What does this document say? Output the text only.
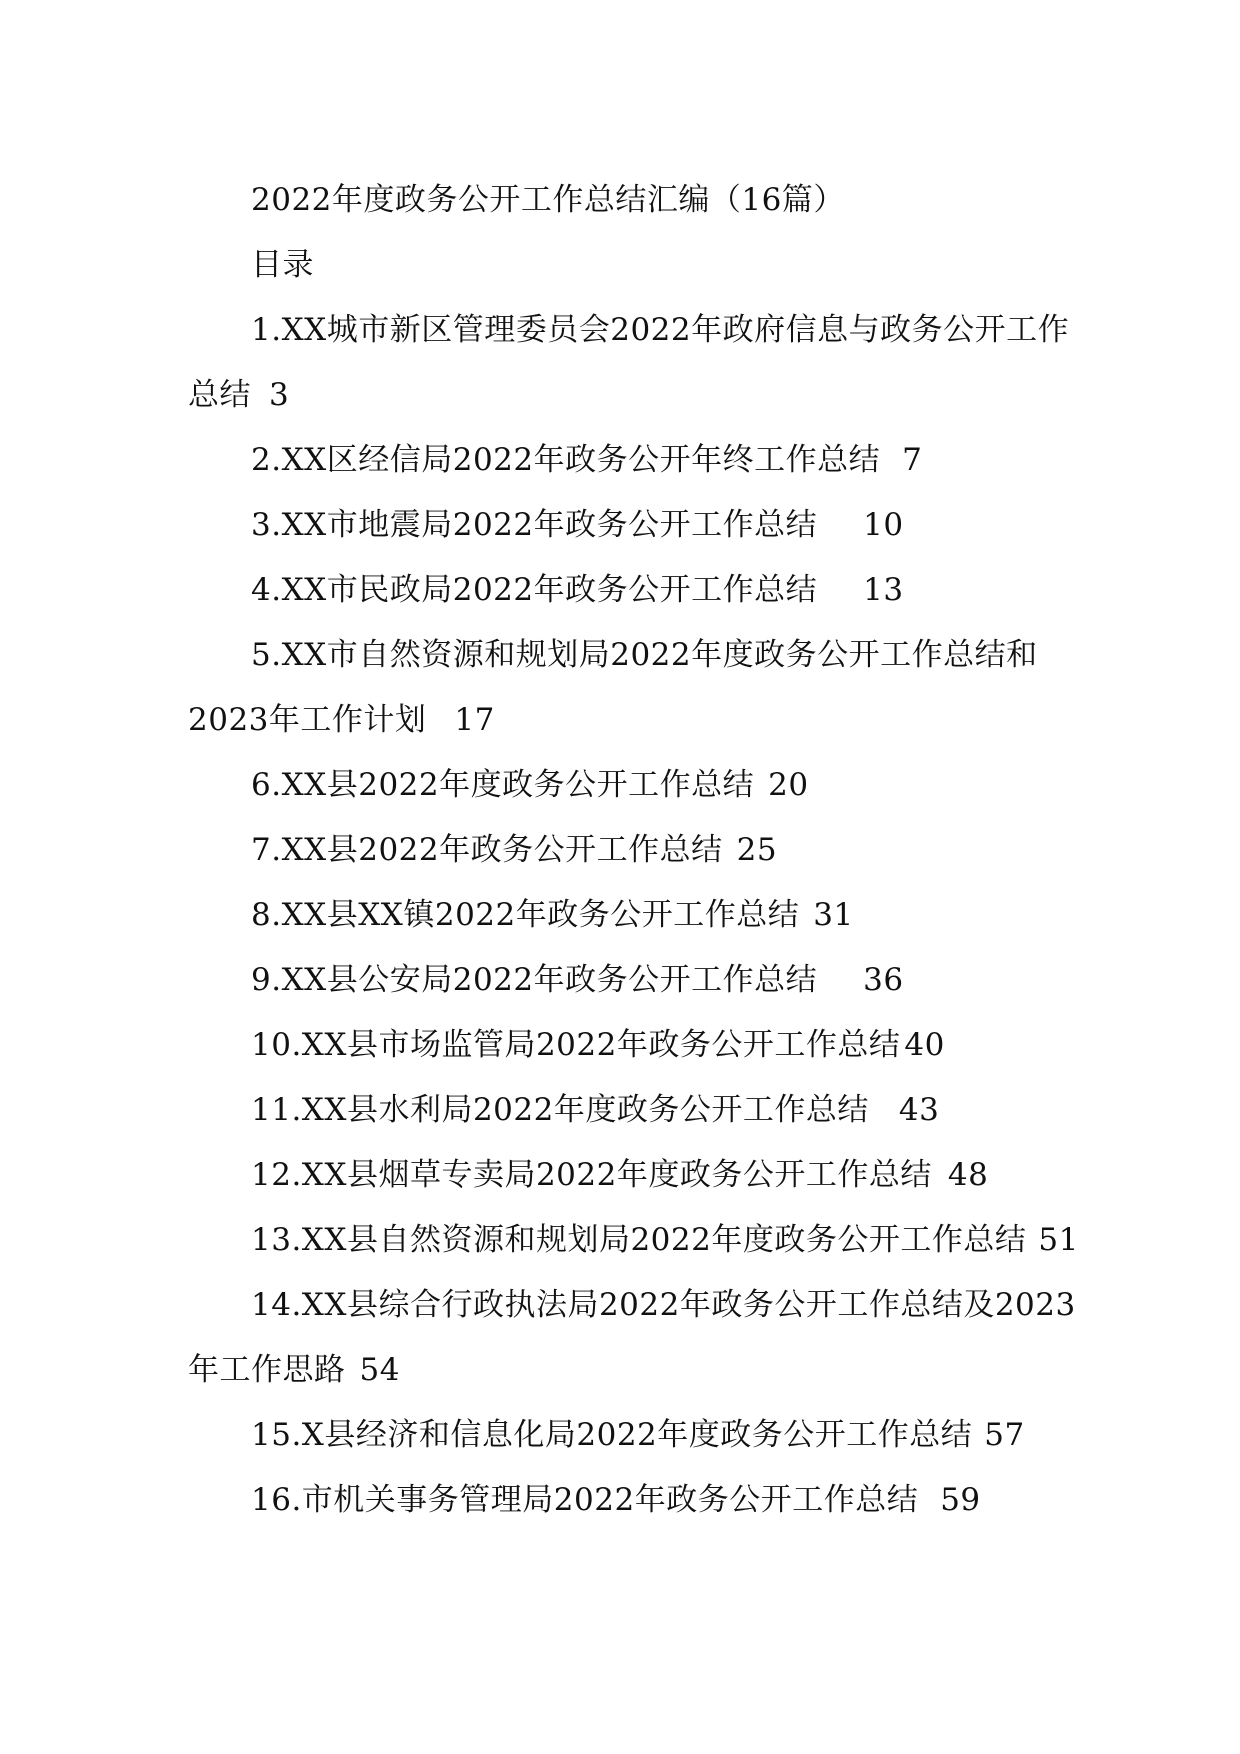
2022年度政务公开工作总结汇编（16篇）
目录
1.XX城市新区管理委员会2022年政府信息与政务公开工作
总结 3
2.XX区经信局2022年政务公开年终工作总结 7
3.XX市地震局2022年政务公开工作总结 10
4.XX市民政局2022年政务公开工作总结 13
5.XX市自然资源和规划局2022年度政务公开工作总结和
2023年工作计划 17
6.XX县2022年度政务公开工作总结 20
7.XX县2022年政务公开工作总结 25
8.XX县XX镇2022年政务公开工作总结 31
9.XX县公安局2022年政务公开工作总结 36
10.XX县市场监管局2022年政务公开工作总结 40
11.XX县水利局2022年度政务公开工作总结 43
12.XX县烟草专卖局2022年度政务公开工作总结 48
13.XX县自然资源和规划局2022年度政务公开工作总结 51
14.XX县综合行政执法局2022年政务公开工作总结及2023
年工作思路 54
15.X县经济和信息化局2022年度政务公开工作总结 57
16.市机关事务管理局2022年政务公开工作总结 59
